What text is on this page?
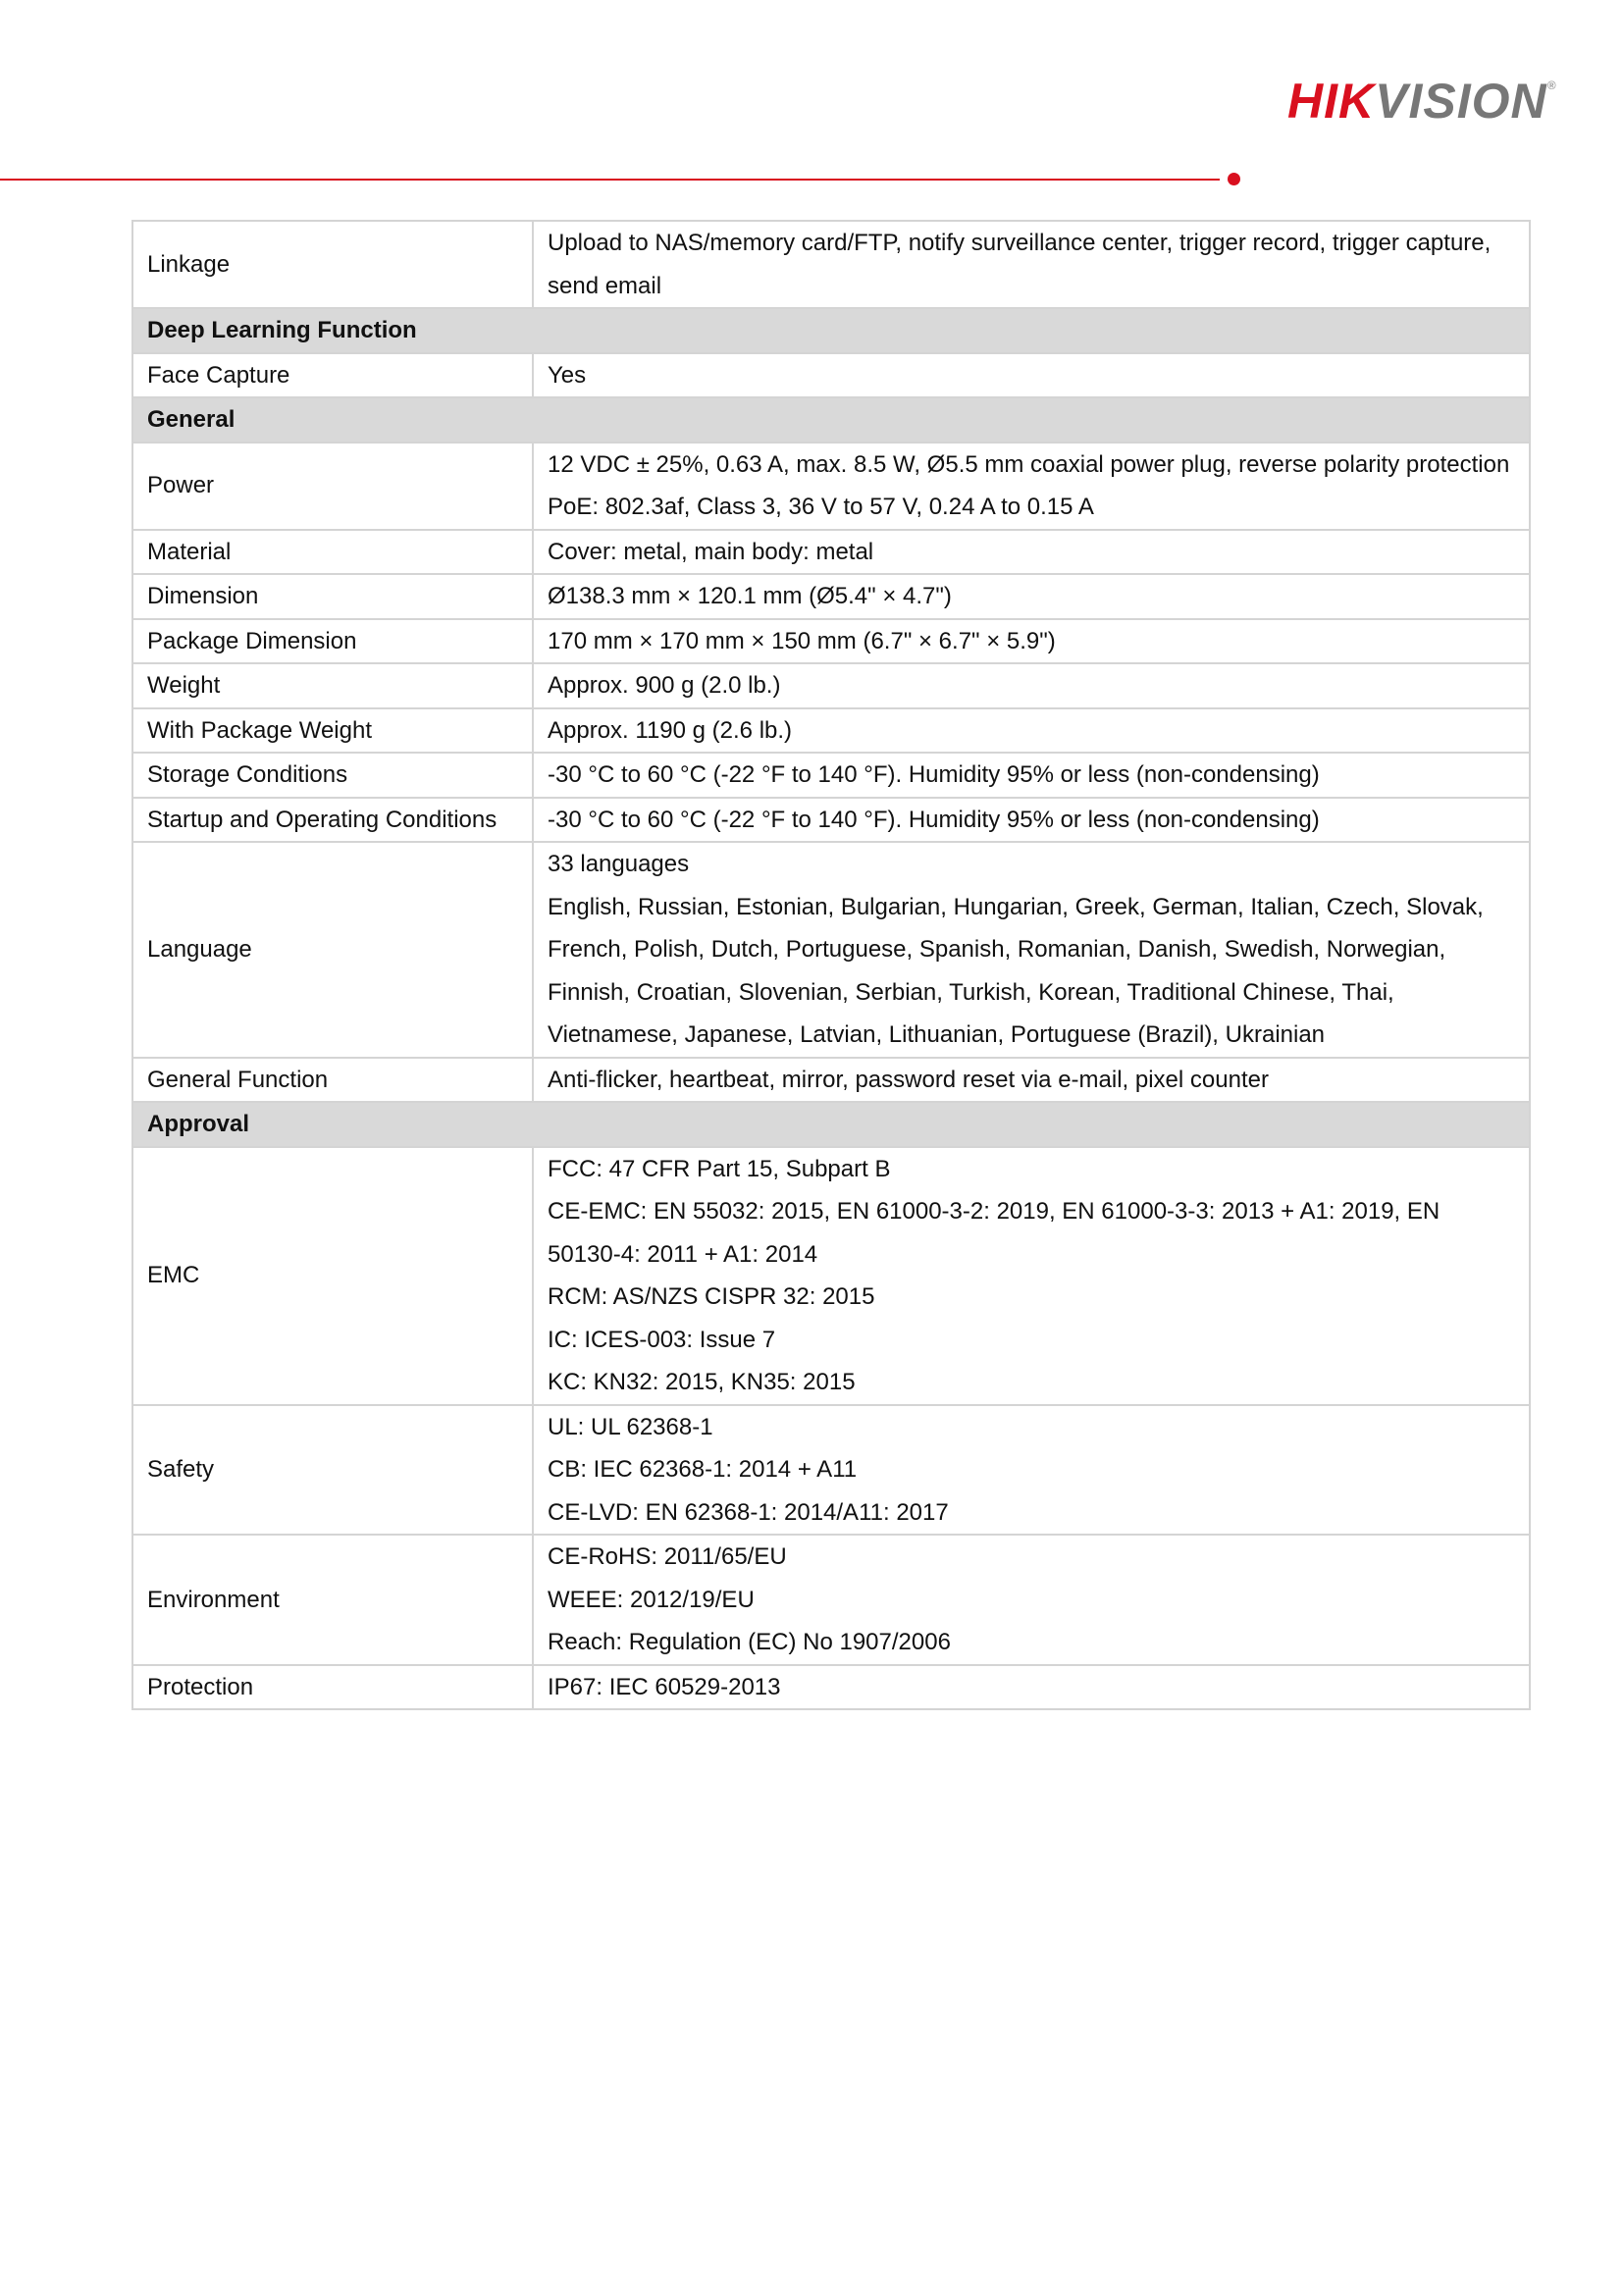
HIKVISION®
Linkage	Upload to NAS/memory card/FTP, notify surveillance center, trigger record, trigger capture, send email

Deep Learning Function	
Face Capture	Yes

General	
Power	12 VDC ± 25%, 0.63 A, max. 8.5 W, Ø5.5 mm coaxial power plug, reverse polarity protection
PoE: 802.3af, Class 3, 36 V to 57 V, 0.24 A to 0.15 A

Material	Cover: metal, main body: metal

Dimension	Ø138.3 mm × 120.1 mm (Ø5.4" × 4.7")

Package Dimension	170 mm × 170 mm × 150 mm (6.7" × 6.7" × 5.9")

Weight	Approx. 900 g (2.0 lb.)

With Package Weight	Approx. 1190 g (2.6 lb.)

Storage Conditions	-30 °C to 60 °C (-22 °F to 140 °F). Humidity 95% or less (non-condensing)

Startup and Operating Conditions	-30 °C to 60 °C (-22 °F to 140 °F). Humidity 95% or less (non-condensing)

Language	33 languages
English, Russian, Estonian, Bulgarian, Hungarian, Greek, German, Italian, Czech, Slovak, French, Polish, Dutch, Portuguese, Spanish, Romanian, Danish, Swedish, Norwegian, Finnish, Croatian, Slovenian, Serbian, Turkish, Korean, Traditional Chinese, Thai, Vietnamese, Japanese, Latvian, Lithuanian, Portuguese (Brazil), Ukrainian

General Function	Anti-flicker, heartbeat, mirror, password reset via e-mail, pixel counter

Approval	
EMC	FCC: 47 CFR Part 15, Subpart B
CE-EMC: EN 55032: 2015, EN 61000-3-2: 2019, EN 61000-3-3: 2013 + A1: 2019, EN 50130-4: 2011 + A1: 2014
RCM: AS/NZS CISPR 32: 2015
IC: ICES-003: Issue 7
KC: KN32: 2015, KN35: 2015

Safety	UL: UL 62368-1
CB: IEC 62368-1: 2014 + A11
CE-LVD: EN 62368-1: 2014/A11: 2017

Environment	CE-RoHS: 2011/65/EU
WEEE: 2012/19/EU
Reach: Regulation (EC) No 1907/2006

Protection	IP67: IEC 60529-2013
